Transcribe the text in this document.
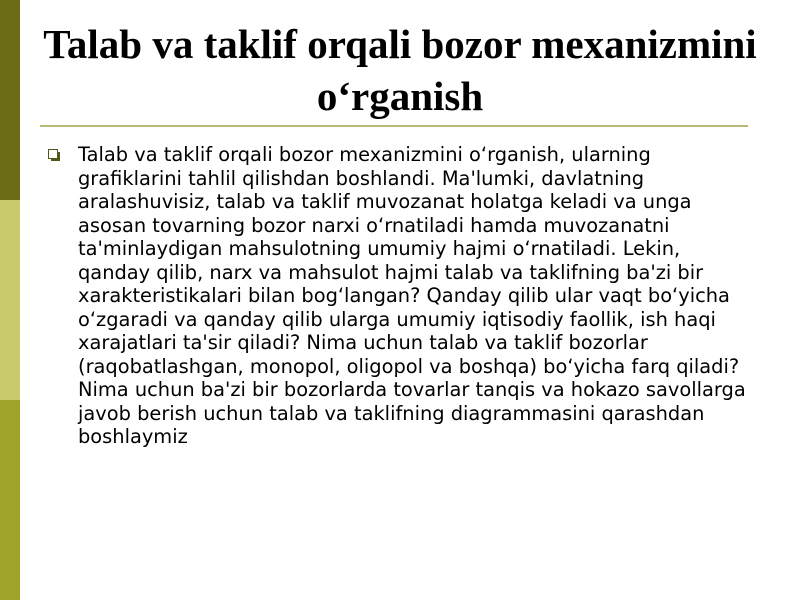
Talab va taklif orqali bozor mexanizmini o‘rganish

Talab va taklif orqali bozor mexanizmini o‘rganish, ularning grafiklarini tahlil qilishdan boshlandi. Ma'lumki, davlatning aralashuvisiz, talab va taklif muvozanat holatga keladi va unga asosan tovarning bozor narxi o‘rnatiladi hamda muvozanatni ta'minlaydigan mahsulotning umumiy hajmi o‘rnatiladi. Lekin, qanday qilib, narx va mahsulot hajmi talab va taklifning ba'zi bir xarakteristikalari bilan bog‘langan? Qanday qilib ular vaqt bo‘yicha o‘zgaradi va qanday qilib ularga umumiy iqtisodiy faollik, ish haqi xarajatlari ta'sir qiladi? Nima uchun talab va taklif bozorlar (raqobatlashgan, monopol, oligopol va boshqa) bo‘yicha farq qiladi? Nima uchun ba'zi bir bozorlarda tovarlar tanqis va hokazo savollarga javob berish uchun talab va taklifning diagrammasini qarashdan boshlaymiz
